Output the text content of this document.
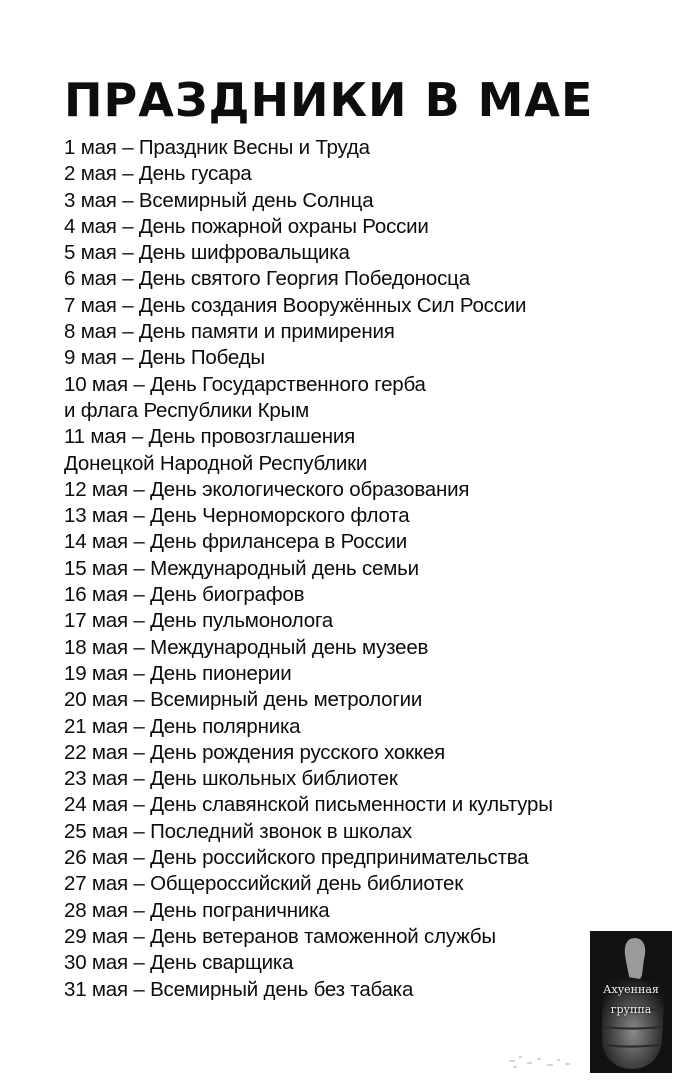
ПРАЗДНИКИ В МАЕ
1 мая – Праздник Весны и Труда
2 мая – День гусара
3 мая – Всемирный день Солнца
4 мая – День пожарной охраны России
5 мая – День шифровальщика
6 мая – День святого Георгия Победоносца
7 мая – День создания Вооружённых Сил России
8 мая – День памяти и примирения
9 мая – День Победы
10 мая – День Государственного герба
и флага Республики Крым
11 мая – День провозглашения
Донецкой Народной Республики
12 мая – День экологического образования
13 мая – День Черноморского флота
14 мая – День фрилансера в России
15 мая – Международный день семьи
16 мая – День биографов
17 мая – День пульмонолога
18 мая – Международный день музеев
19 мая – День пионерии
20 мая – Всемирный день метрологии
21 мая – День полярника
22 мая – День рождения русского хоккея
23 мая – День школьных библиотек
24 мая – День славянской письменности и культуры
25 мая – Последний звонок в школах
26 мая – День российского предпринимательства
27 мая – Общероссийский день библиотек
28 мая – День пограничника
29 мая – День ветеранов таможенной службы
30 мая – День сварщика
31 мая – Всемирный день без табака	Ахуенная
группа
